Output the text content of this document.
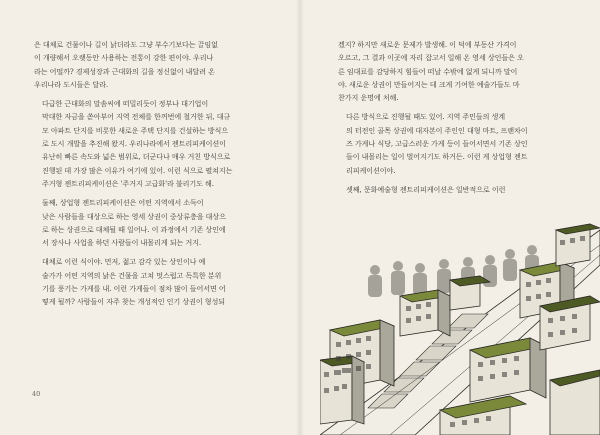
은 대체로 건물이나 길이 낡더라도 그냥 부수기보다는 끌임없
이 개량해서 오랫동안 사용하는 전통이 강한 편이야. 우리나
라는 어떨까? 경제성장과 근대화의 길을 정신없이 내달려 온
우리나라 도시들은 달라.

다급한 근대화의 말솜씨에 떠밀리듯이 정부나 대기업이
막대한 자금을 쏟아부어 지역 전체를 한꺼번에 철거한 뒤, 대규
모 아파트 단지를 비롯한 새로운 주택 단지를 건설하는 방식으
로 도시 개발을 추진해 왔지. 우리나라에서 젠트리피케이션이
유난히 빠른 속도와 넓은 범위로, 더군다나 매우 거친 방식으로
진행된 데 가장 많은 이유가 여기에 있어. 이런 식으로 펼쳐지는
주거형 젠트리피케이션은 '주거지 고급화'라 불리기도 해.

둘째, 상업형 젠트리피케이션은 어떤 지역에서 소득이
낮은 사람들을 대상으로 하는 영세 상권이 중상류층을 대상으
로 하는 상권으로 대체될 때 일어나. 이 과정에서 기존 상인에
서 장사나 사업을 하던 사람들이 내몰리게 되는 거지.

대체로 이런 식이야. 먼저, 젊고 감각 있는 상인이나 예
술가가 어떤 지역의 낡은 건물을 고쳐 멋스럽고 독특한 분위
기를 풍기는 가게를 내. 이런 가게들이 점차 많이 들어서면 어
떻게 될까? 사람들이 자주 찾는 개성적인 인기 상권이 형성되

40

겠지? 하지만 새로운 문제가 발생해. 이 덕에 부동산 가격이
오르고, 그 결과 이곳에 자리 잡고서 일해 온 영세 상인들은 오
른 임대료를 감당하지 힘들어 떠날 수밖에 없게 되니까 말이
야. 새로운 상권이 만들어지는 데 크게 기여한 예술가들도 마
찬가지 운명에 처해.

다른 방식으로 진행될 때도 있어. 지역 주민들의 생계
의 터전인 골목 상권에 대자본이 주인인 대형 마트, 프랜차이
즈 가게나 식당, 고급스러운 가게 등이 들어서면서 기존 상인
들이 내몰리는 일이 벌어지기도 하거든. 이런 게 상업형 젠트
리피케이션이야.

셋째, 문화예술형 젠트리피케이션은 일반적으로 이런
